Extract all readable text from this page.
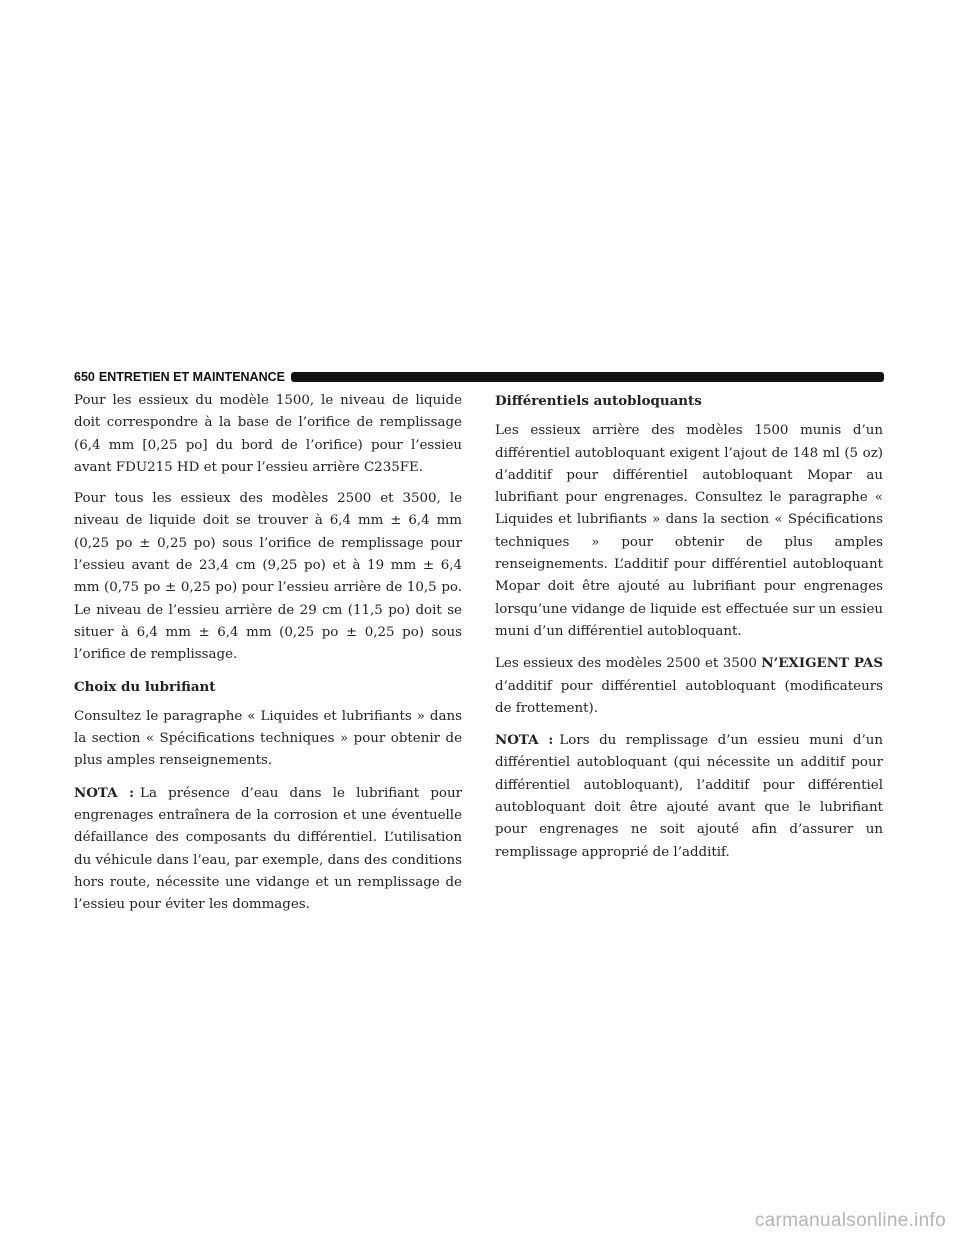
650 ENTRETIEN ET MAINTENANCE

Pour les essieux du modèle 1500, le niveau de liquide doit correspondre à la base de l’orifice de remplissage (6,4 mm [0,25 po] du bord de l’orifice) pour l’essieu avant FDU215 HD et pour l’essieu arrière C235FE.

Pour tous les essieux des modèles 2500 et 3500, le niveau de liquide doit se trouver à 6,4 mm ± 6,4 mm (0,25 po ± 0,25 po) sous l’orifice de remplissage pour l’essieu avant de 23,4 cm (9,25 po) et à 19 mm ± 6,4 mm (0,75 po ± 0,25 po) pour l’essieu arrière de 10,5 po. Le niveau de l’essieu arrière de 29 cm (11,5 po) doit se situer à 6,4 mm ± 6,4 mm (0,25 po ± 0,25 po) sous l’orifice de remplissage.

Choix du lubrifiant

Consultez le paragraphe « Liquides et lubrifiants » dans la section « Spécifications techniques » pour obtenir de plus amples renseignements.

NOTA : La présence d’eau dans le lubrifiant pour engrenages entraînera de la corrosion et une éventuelle défaillance des composants du différentiel. L’utilisation du véhicule dans l’eau, par exemple, dans des conditions hors route, nécessite une vidange et un remplissage de l’essieu pour éviter les dommages.

Différentiels autobloquants

Les essieux arrière des modèles 1500 munis d’un différentiel autobloquant exigent l’ajout de 148 ml (5 oz) d’additif pour différentiel autobloquant Mopar au lubrifiant pour engrenages. Consultez le paragraphe « Liquides et lubrifiants » dans la section « Spécifications techniques » pour obtenir de plus amples renseignements. L’additif pour différentiel autobloquant Mopar doit être ajouté au lubrifiant pour engrenages lorsqu’une vidange de liquide est effectuée sur un essieu muni d’un différentiel autobloquant.

Les essieux des modèles 2500 et 3500 N’EXIGENT PAS d’additif pour différentiel autobloquant (modificateurs de frottement).

NOTA : Lors du remplissage d’un essieu muni d’un différentiel autobloquant (qui nécessite un additif pour différentiel autobloquant), l’additif pour différentiel autobloquant doit être ajouté avant que le lubrifiant pour engrenages ne soit ajouté afin d’assurer un remplissage approprié de l’additif.

carmanualsonline.info
